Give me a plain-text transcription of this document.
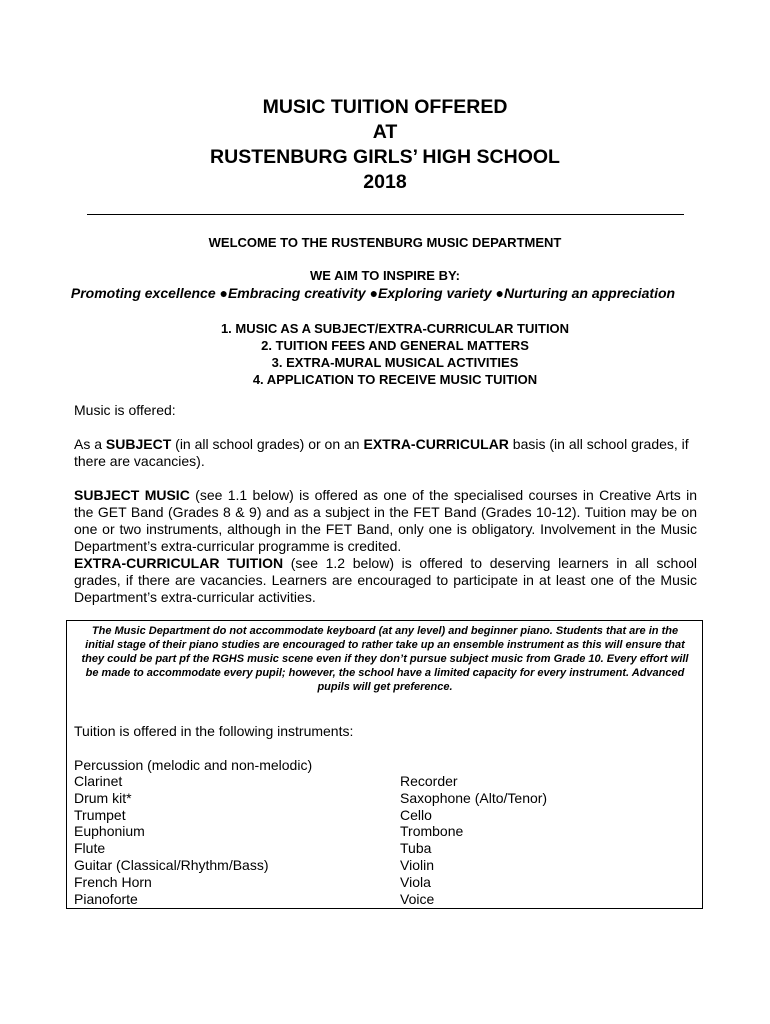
MUSIC TUITION OFFERED
AT
RUSTENBURG GIRLS’ HIGH SCHOOL
2018
WELCOME TO THE RUSTENBURG MUSIC DEPARTMENT
WE AIM TO INSPIRE BY:
Promoting excellence ●Embracing creativity ●Exploring variety ●Nurturing an appreciation
1. MUSIC AS A SUBJECT/EXTRA-CURRICULAR TUITION
2. TUITION FEES AND GENERAL MATTERS
3. EXTRA-MURAL MUSICAL ACTIVITIES
4. APPLICATION TO RECEIVE MUSIC TUITION
Music is offered:
As a SUBJECT (in all school grades) or on an EXTRA-CURRICULAR basis (in all school grades, if there are vacancies).
SUBJECT MUSIC (see 1.1 below) is offered as one of the specialised courses in Creative Arts in the GET Band (Grades 8 & 9) and as a subject in the FET Band (Grades 10-12). Tuition may be on one or two instruments, although in the FET Band, only one is obligatory. Involvement in the Music Department’s extra-curricular programme is credited.
EXTRA-CURRICULAR TUITION (see 1.2 below) is offered to deserving learners in all school grades, if there are vacancies. Learners are encouraged to participate in at least one of the Music Department’s extra-curricular activities.
The Music Department do not accommodate keyboard (at any level) and beginner piano. Students that are in the initial stage of their piano studies are encouraged to rather take up an ensemble instrument as this will ensure that they could be part pf the RGHS music scene even if they don’t pursue subject music from Grade 10. Every effort will be made to accommodate every pupil; however, the school have a limited capacity for every instrument. Advanced pupils will get preference.
Tuition is offered in the following instruments:
Percussion (melodic and non-melodic)
Clarinet
Drum kit*
Trumpet
Euphonium
Flute
Guitar (Classical/Rhythm/Bass)
French Horn
Pianoforte
Recorder
Saxophone (Alto/Tenor)
Cello
Trombone
Tuba
Violin
Viola
Voice
